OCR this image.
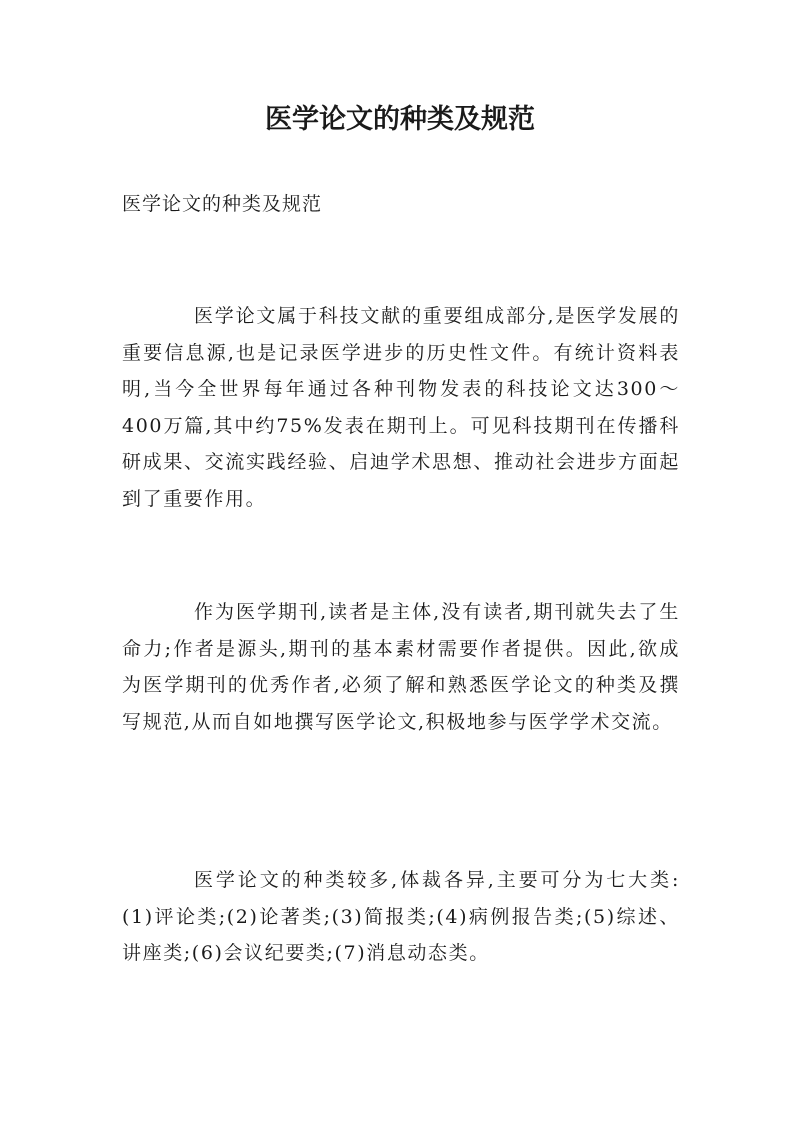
医学论文的种类及规范

医学论文的种类及规范

医学论文属于科技文献的重要组成部分,是医学发展的重要信息源,也是记录医学进步的历史性文件。有统计资料表明,当今全世界每年通过各种刊物发表的科技论文达300～400万篇,其中约75%发表在期刊上。可见科技期刊在传播科研成果、交流实践经验、启迪学术思想、推动社会进步方面起到了重要作用。

作为医学期刊,读者是主体,没有读者,期刊就失去了生命力;作者是源头,期刊的基本素材需要作者提供。因此,欲成为医学期刊的优秀作者,必须了解和熟悉医学论文的种类及撰写规范,从而自如地撰写医学论文,积极地参与医学学术交流。

医学论文的种类较多,体裁各异,主要可分为七大类:(1)评论类;(2)论著类;(3)简报类;(4)病例报告类;(5)综述、讲座类;(6)会议纪要类;(7)消息动态类。
